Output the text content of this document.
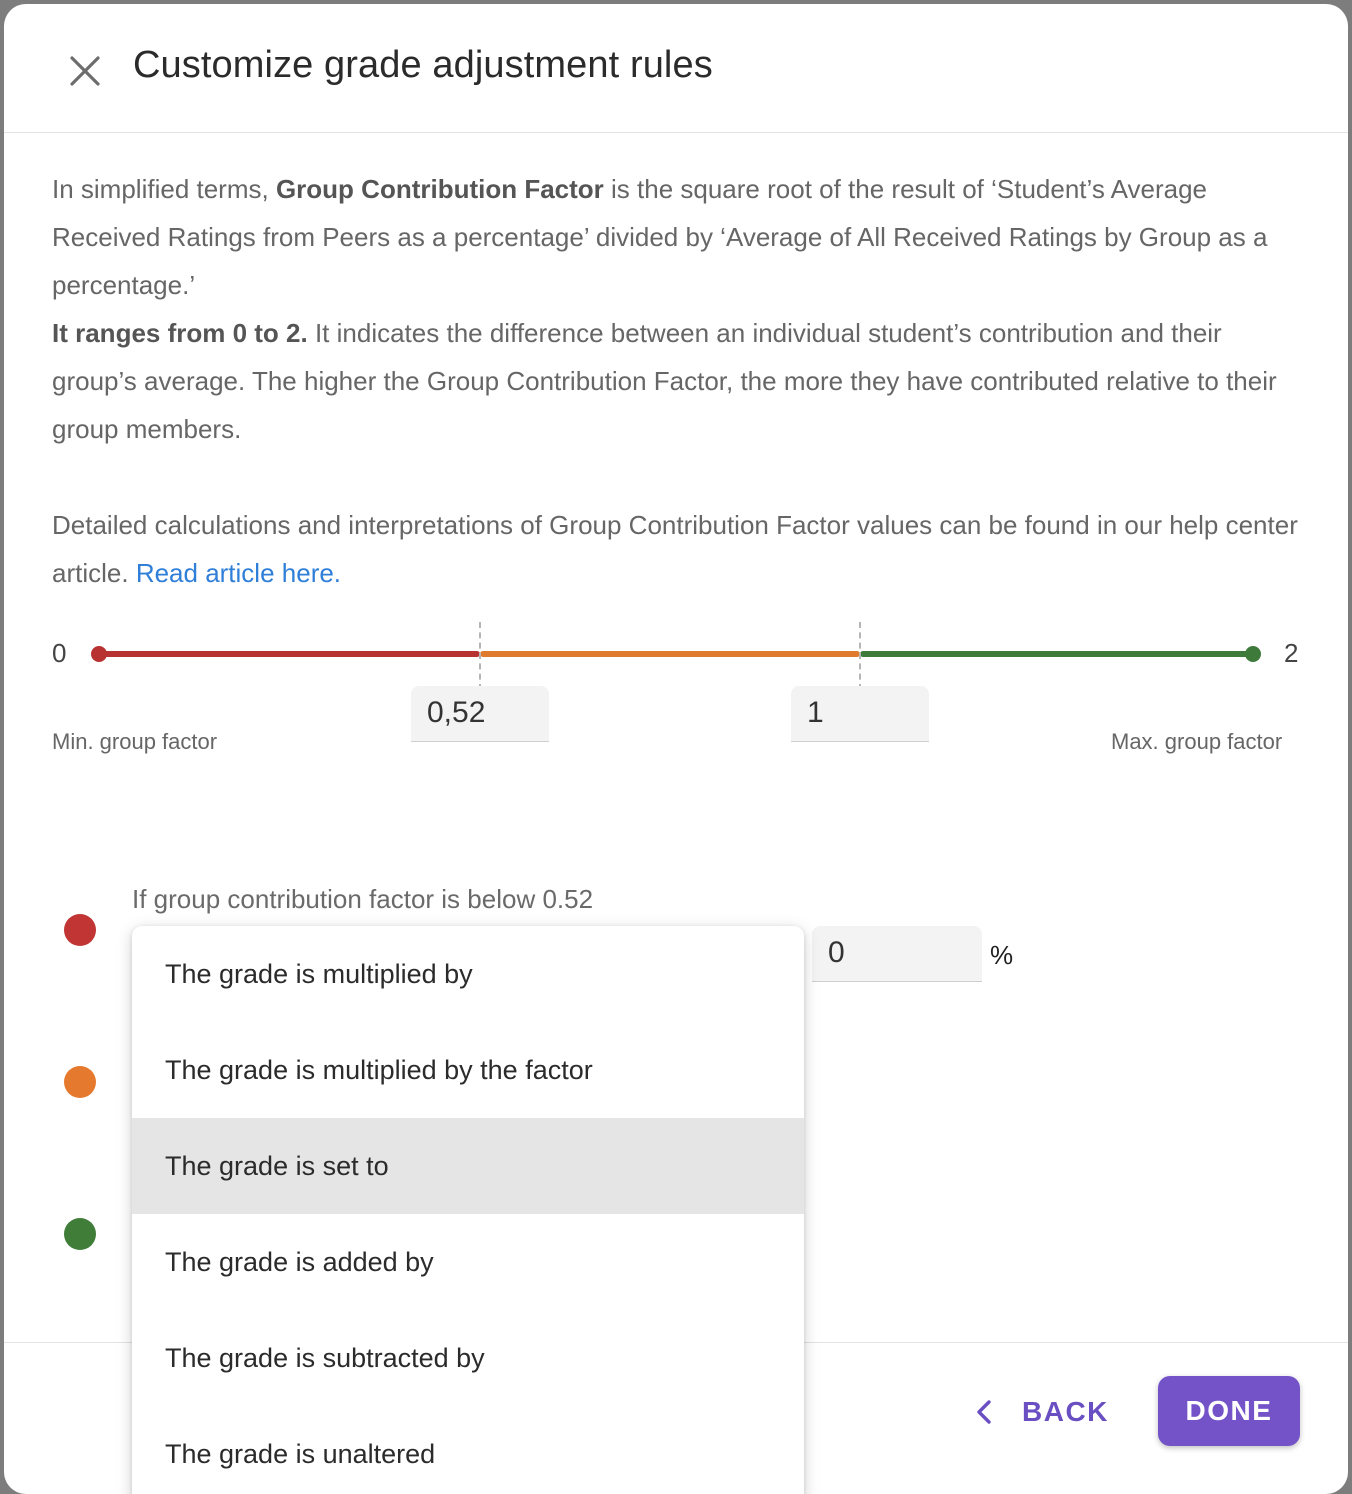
Customize grade adjustment rules
In simplified terms, Group Contribution Factor is the square root of the result of ‘Student’s Average Received Ratings from Peers as a percentage’ divided by ‘Average of All Received Ratings by Group as a percentage.’
It ranges from 0 to 2. It indicates the difference between an individual student’s contribution and their group’s average. The higher the Group Contribution Factor, the more they have contributed relative to their group members.
Detailed calculations and interpretations of Group Contribution Factor values can be found in our help center article. Read article here.
0	2
0,52	1
Min. group factor	Max. group factor
If group contribution factor is below 0.52
0	%
BACK	DONE
The grade is multiplied by
The grade is multiplied by the factor
The grade is set to
The grade is added by
The grade is subtracted by
The grade is unaltered
